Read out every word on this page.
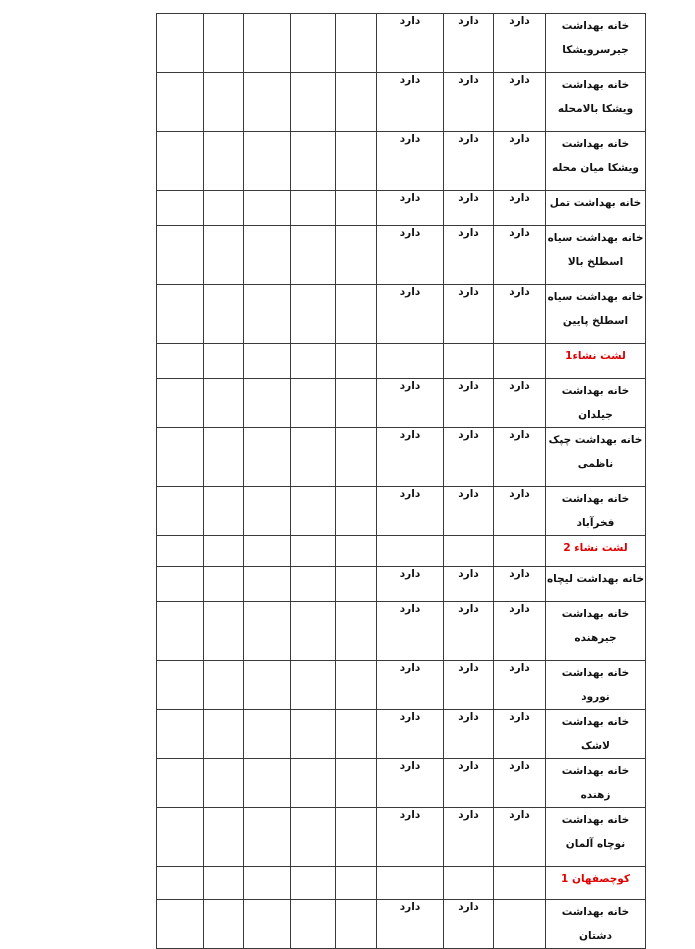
					دارد	دارد	دارد	خانه بهداشت جیرسرویشکا
					دارد	دارد	دارد	خانه بهداشت ویشکا بالامحله
					دارد	دارد	دارد	خانه بهداشت ویشکا میان محله
					دارد	دارد	دارد	خانه بهداشت تمل
					دارد	دارد	دارد	خانه بهداشت سیاه اسطلخ بالا
					دارد	دارد	دارد	خانه بهداشت سیاه اسطلخ پایین
								لشت نشاء1
					دارد	دارد	دارد	خانه بهداشت جیلدان
					دارد	دارد	دارد	خانه بهداشت چپک ناظمی
					دارد	دارد	دارد	خانه بهداشت فخرآباد
								لشت نشاء 2
					دارد	دارد	دارد	خانه بهداشت لیچاه
					دارد	دارد	دارد	خانه بهداشت جیرهنده
					دارد	دارد	دارد	خانه بهداشت نورود
					دارد	دارد	دارد	خانه بهداشت لاشک
					دارد	دارد	دارد	خانه بهداشت زهنده
					دارد	دارد	دارد	خانه بهداشت نوچاه آلمان
								کوچصفهان 1
					دارد	دارد		خانه بهداشت دشتان
